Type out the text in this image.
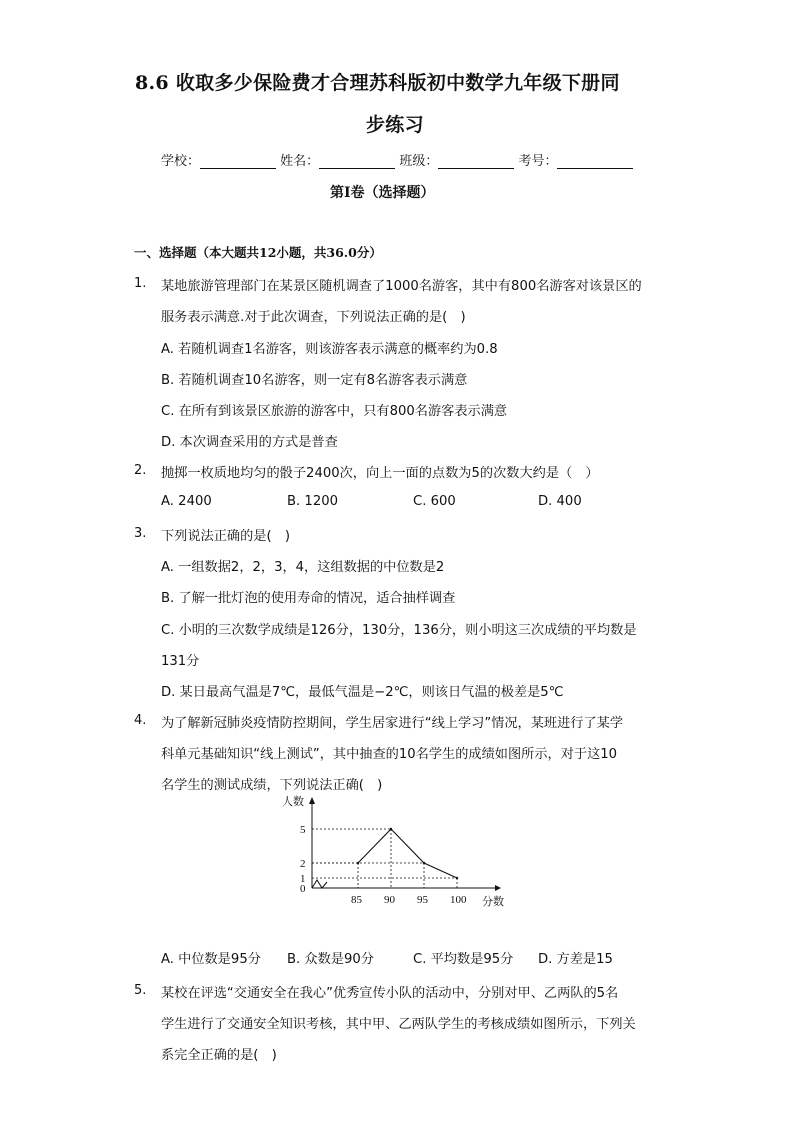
8.6 收取多少保险费才合理苏科版初中数学九年级下册同
步练习
学校：	姓名：	班级：	考号：
第Ⅰ卷（选择题）
一、选择题（本大题共12小题，共36.0分）
1. 某地旅游管理部门在某景区随机调查了1000名游客，其中有800名游客对该景区的
服务表示满意.对于此次调查，下列说法正确的是(　)
A. 若随机调查1名游客，则该游客表示满意的概率约为0.8
B. 若随机调查10名游客，则一定有8名游客表示满意
C. 在所有到该景区旅游的游客中，只有800名游客表示满意
D. 本次调查采用的方式是普查
2. 抛掷一枚质地均匀的骰子2400次，向上一面的点数为5的次数大约是（　）
A. 2400	B. 1200	C. 600	D. 400
3. 下列说法正确的是(　)
A. 一组数据2，2，3，4，这组数据的中位数是2
B. 了解一批灯泡的使用寿命的情况，适合抽样调查
C. 小明的三次数学成绩是126分，130分，136分，则小明这三次成绩的平均数是
131分
D. 某日最高气温是7℃，最低气温是−2℃，则该日气温的极差是5℃
4. 为了解新冠肺炎疫情防控期间，学生居家进行“线上学习”情况，某班进行了某学
科单元基础知识“线上测试”，其中抽查的10名学生的成绩如图所示，对于这10
名学生的测试成绩，下列说法正确(　)
人数
分数
0
1
2
5
85 90 95 100
A. 中位数是95分 B. 众数是90分	C. 平均数是95分 D. 方差是15
5. 某校在评选“交通安全在我心”优秀宣传小队的活动中，分别对甲、乙两队的5名
学生进行了交通安全知识考核，其中甲、乙两队学生的考核成绩如图所示，下列关
系完全正确的是(　)
